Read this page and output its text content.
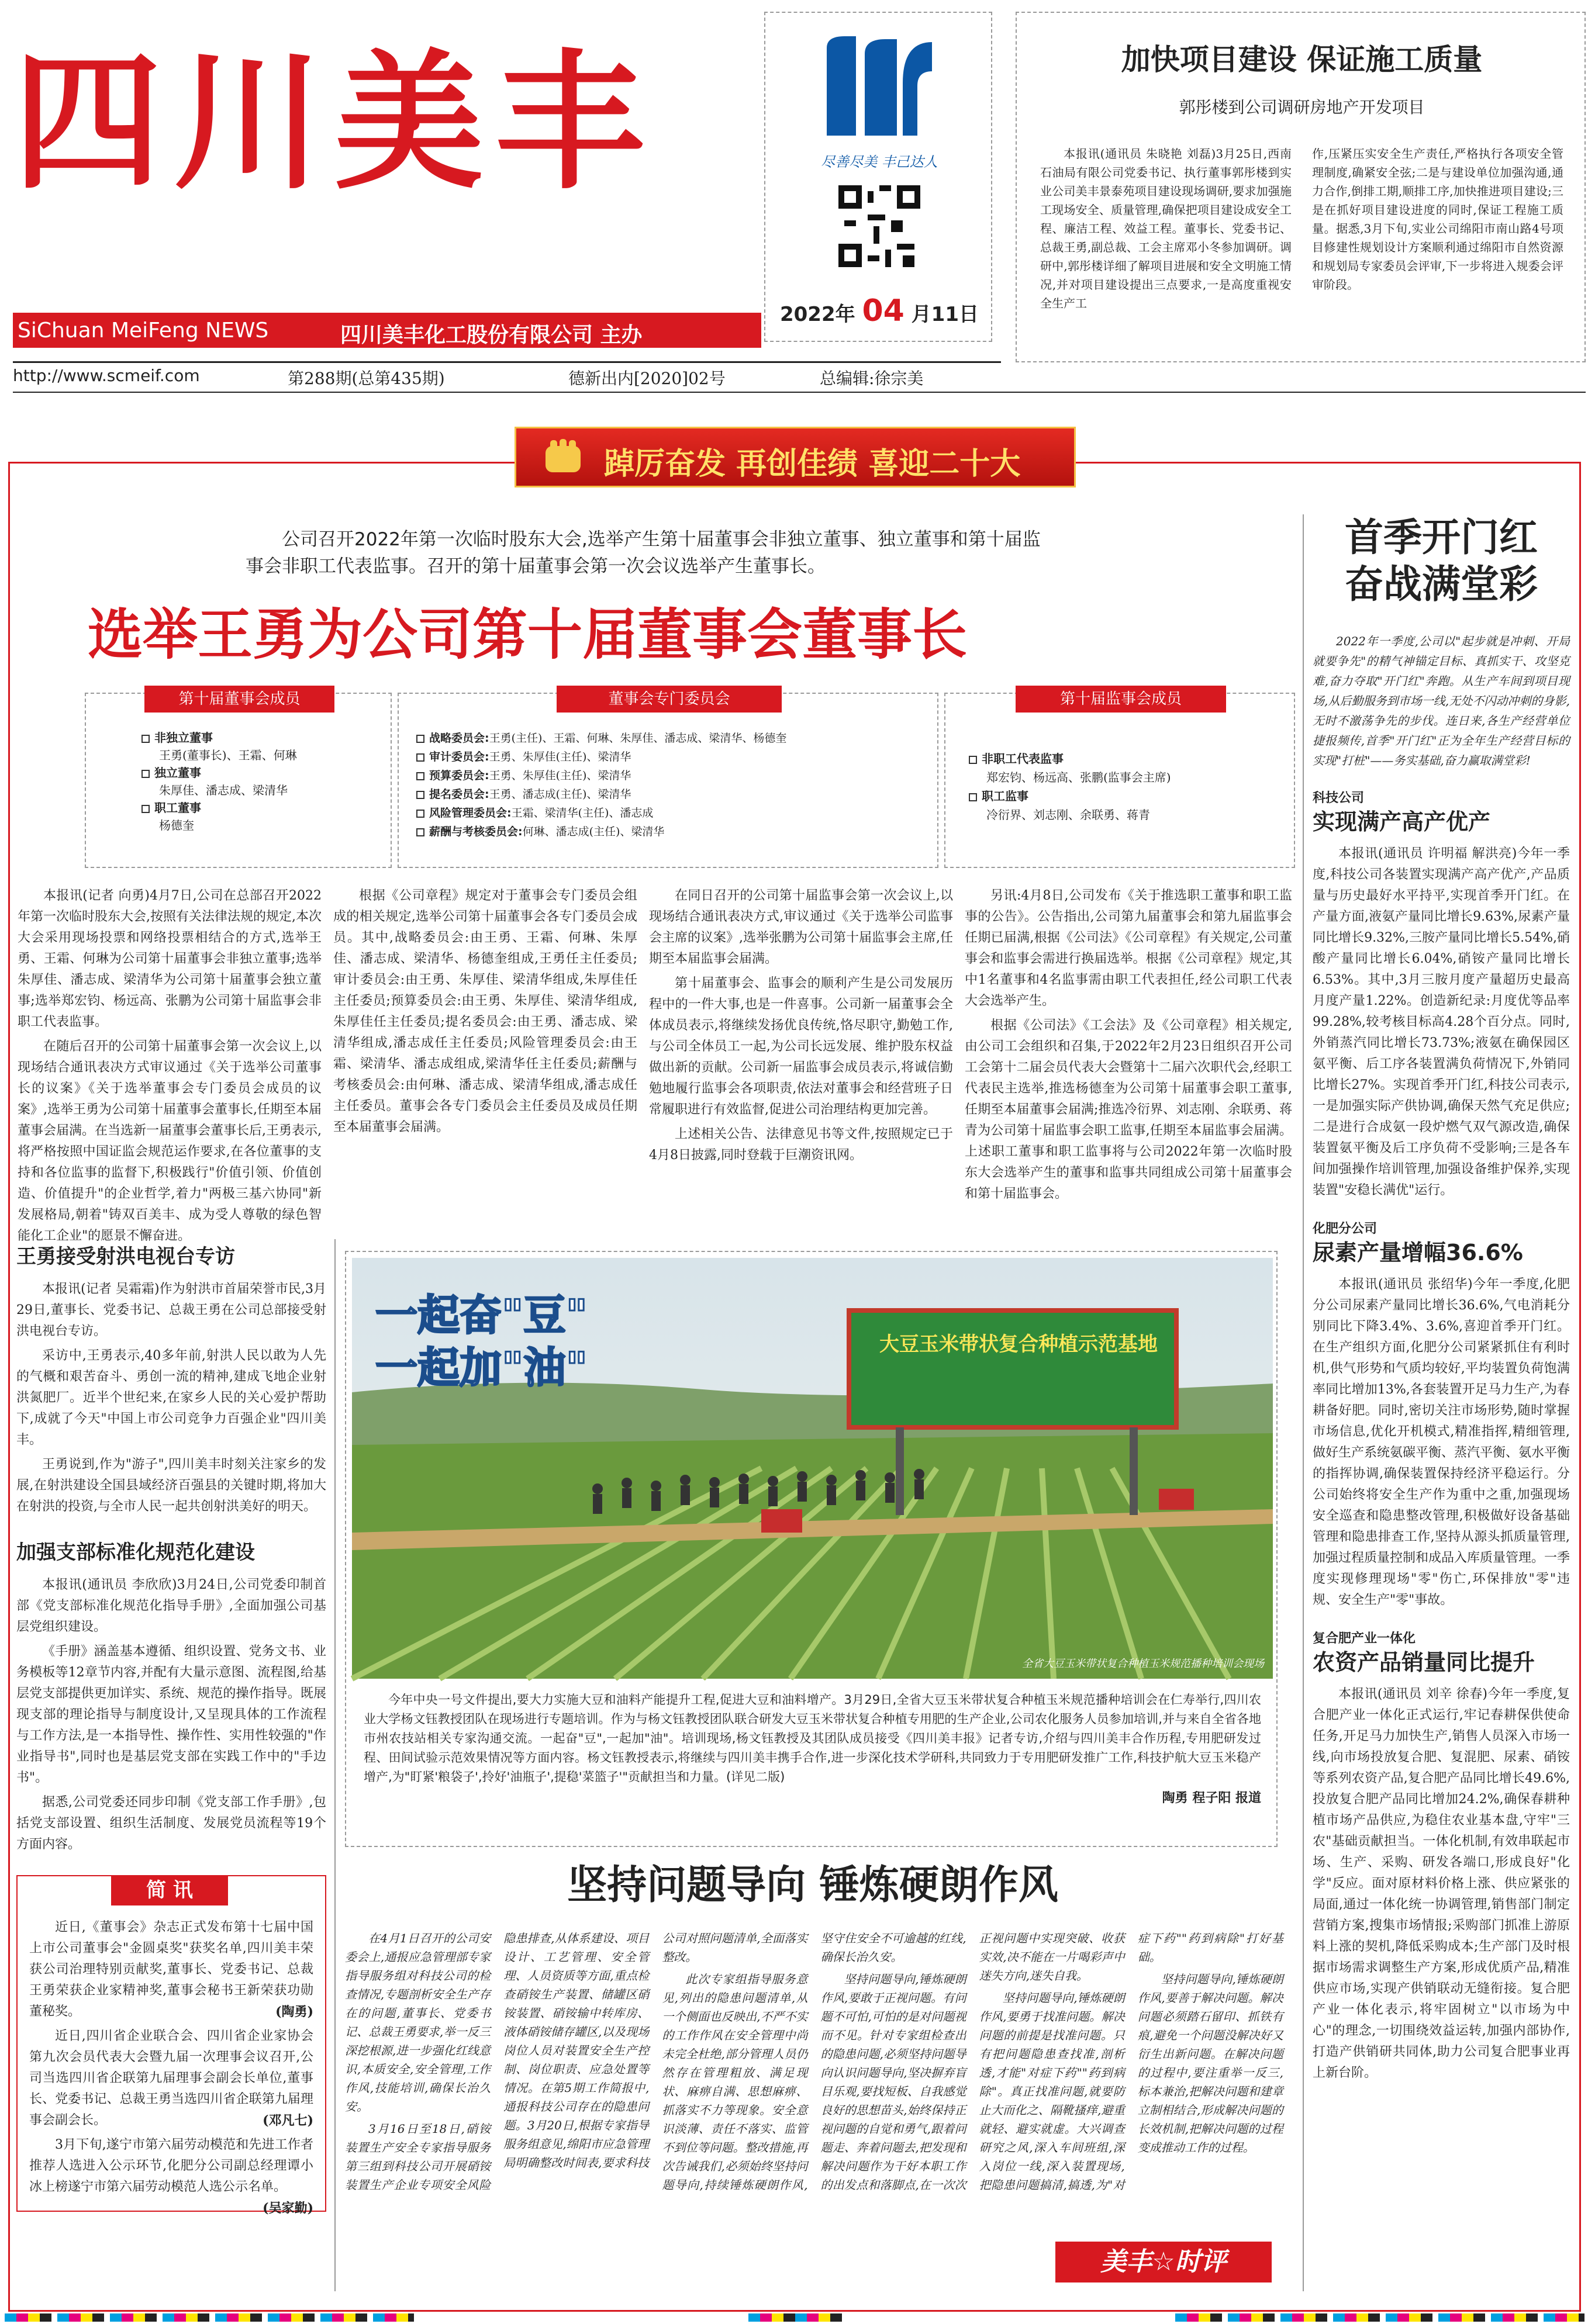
四川美丰	尽善尽美 丰己达人
2022年 04 月11日
SiChuan MeiFeng NEWS	四川美丰化工股份有限公司 主办
加快项目建设 保证施工质量
郭彤楼到公司调研房地产开发项目

本报讯(通讯员 朱晓艳 刘磊)3月25日,西南石油局有限公司党委书记、执行董事郭彤楼到实业公司美丰景泰苑项目建设现场调研,要求加强施工现场安全、质量管理,确保把项目建设成安全工程、廉洁工程、效益工程。董事长、党委书记、总裁王勇,副总裁、工会主席邓小冬参加调研。调研中,郭彤楼详细了解项目进展和安全文明施工情况,并对项目建设提出三点要求,一是高度重视安全生产工

作,压紧压实安全生产责任,严格执行各项安全管理制度,确紧安全弦;二是与建设单位加强沟通,通力合作,倒排工期,顺排工序,加快推进项目建设;三是在抓好项目建设进度的同时,保证工程施工质量。据悉,3月下旬,实业公司绵阳市南山路4号项目修建性规划设计方案顺利通过绵阳市自然资源和规划局专家委员会评审,下一步将进入规委会评审阶段。

http://www.scmeif.com	第288期(总第435期)	德新出内[2020]02号	总编辑:徐宗美
踔厉奋发 再创佳绩 喜迎二十大
公司召开2022年第一次临时股东大会,选举产生第十届董事会非独立董事、独立董事和第十届监事会非职工代表监事。召开的第十届董事会第一次会议选举产生董事长。
选举王勇为公司第十届董事会董事长
第十届董事会成员
非独立董事
王勇(董事长)、王霜、何琳
独立董事
朱厚佳、潘志成、梁清华
职工董事
杨德奎
董事会专门委员会
战略委员会:王勇(主任)、王霜、何琳、朱厚佳、潘志成、梁清华、杨德奎
审计委员会:王勇、朱厚佳(主任)、梁清华
预算委员会:王勇、朱厚佳(主任)、梁清华
提名委员会:王勇、潘志成(主任)、梁清华
风险管理委员会:王霜、梁清华(主任)、潘志成
薪酬与考核委员会:何琳、潘志成(主任)、梁清华
第十届监事会成员
非职工代表监事
郑宏钧、杨远高、张鹏(监事会主席)
职工监事
冷衍界、刘志刚、余联勇、蒋青

本报讯(记者 向勇)4月7日,公司在总部召开2022年第一次临时股东大会,按照有关法律法规的规定,本次大会采用现场投票和网络投票相结合的方式,选举王勇、王霜、何琳为公司第十届董事会非独立董事;选举朱厚佳、潘志成、梁清华为公司第十届董事会独立董事;选举郑宏钧、杨远高、张鹏为公司第十届监事会非职工代表监事。

在随后召开的公司第十届董事会第一次会议上,以现场结合通讯表决方式审议通过《关于选举公司董事长的议案》《关于选举董事会专门委员会成员的议案》,选举王勇为公司第十届董事会董事长,任期至本届董事会届满。在当选新一届董事会董事长后,王勇表示,将严格按照中国证监会规范运作要求,在各位董事的支持和各位监事的监督下,积极践行"价值引领、价值创造、价值提升"的企业哲学,着力"两极三基六协同"新发展格局,朝着"铸双百美丰、成为受人尊敬的绿色智能化工企业"的愿景不懈奋进。

根据《公司章程》规定对于董事会专门委员会组成的相关规定,选举公司第十届董事会各专门委员会成员。其中,战略委员会:由王勇、王霜、何琳、朱厚佳、潘志成、梁清华、杨德奎组成,王勇任主任委员;审计委员会:由王勇、朱厚佳、梁清华组成,朱厚佳任主任委员;预算委员会:由王勇、朱厚佳、梁清华组成,朱厚佳任主任委员;提名委员会:由王勇、潘志成、梁清华组成,潘志成任主任委员;风险管理委员会:由王霜、梁清华、潘志成组成,梁清华任主任委员;薪酬与考核委员会:由何琳、潘志成、梁清华组成,潘志成任主任委员。董事会各专门委员会主任委员及成员任期至本届董事会届满。

在同日召开的公司第十届监事会第一次会议上,以现场结合通讯表决方式,审议通过《关于选举公司监事会主席的议案》,选举张鹏为公司第十届监事会主席,任期至本届监事会届满。

第十届董事会、监事会的顺利产生是公司发展历程中的一件大事,也是一件喜事。公司新一届董事会全体成员表示,将继续发扬优良传统,恪尽职守,勤勉工作,与公司全体员工一起,为公司长远发展、维护股东权益做出新的贡献。公司新一届监事会成员表示,将诚信勤勉地履行监事会各项职责,依法对董事会和经营班子日常履职进行有效监督,促进公司治理结构更加完善。

上述相关公告、法律意见书等文件,按照规定已于4月8日披露,同时登载于巨潮资讯网。

另讯:4月8日,公司发布《关于推选职工董事和职工监事的公告》。公告指出,公司第九届董事会和第九届监事会任期已届满,根据《公司法》《公司章程》有关规定,公司董事会和监事会需进行换届选举。根据《公司章程》规定,其中1名董事和4名监事需由职工代表担任,经公司职工代表大会选举产生。

根据《公司法》《工会法》及《公司章程》相关规定,由公司工会组织和召集,于2022年2月23日组织召开公司工会第十二届会员代表大会暨第十二届六次职代会,经职工代表民主选举,推选杨德奎为公司第十届董事会职工董事,任期至本届董事会届满;推选冷衍界、刘志刚、余联勇、蒋青为公司第十届监事会职工监事,任期至本届监事会届满。上述职工董事和职工监事将与公司2022年第一次临时股东大会选举产生的董事和监事共同组成公司第十届董事会和第十届监事会。

首季开门红
奋战满堂彩

2022年一季度,公司以"起步就是冲刺、开局就要争先"的精气神锚定目标、真抓实干、攻坚克难,奋力夺取"开门红"奔跑。从生产车间到项目现场,从后勤服务到市场一线,无处不闪动冲刺的身影,无时不激荡争先的步伐。连日来,各生产经营单位捷报频传,首季"开门红"正为全年生产经营目标的实现"打桩"——务实基础,奋力赢取满堂彩!

科技公司
实现满产高产优产

本报讯(通讯员 许明福 解洪亮)今年一季度,科技公司各装置实现满产高产优产,产品质量与历史最好水平持平,实现首季开门红。在产量方面,液氨产量同比增长9.63%,尿素产量同比增长9.32%,三胺产量同比增长5.54%,硝酸产量同比增长6.04%,硝铵产量同比增长6.53%。其中,3月三胺月度产量超历史最高月度产量1.22%。创造新纪录:月度优等品率99.28%,较考核目标高4.28个百分点。同时,外销蒸汽同比增长73.73%;液氨在确保园区氨平衡、后工序各装置满负荷情况下,外销同比增长27%。实现首季开门红,科技公司表示,一是加强实际产供协调,确保天然气充足供应;二是进行合成氨一段炉燃气双气源改造,确保装置氨平衡及后工序负荷不受影响;三是各车间加强操作培训管理,加强设备维护保养,实现装置"安稳长满优"运行。

化肥分公司
尿素产量增幅36.6%

本报讯(通讯员 张绍华)今年一季度,化肥分公司尿素产量同比增长36.6%,气电消耗分别同比下降3.4%、3.6%,喜迎首季开门红。在生产组织方面,化肥分公司紧紧抓住有利时机,供气形势和气质均较好,平均装置负荷饱满率同比增加13%,各套装置开足马力生产,为春耕备好肥。同时,密切关注市场形势,随时掌握市场信息,优化开机模式,精准指挥,精细管理,做好生产系统氨碳平衡、蒸汽平衡、氨水平衡的指挥协调,确保装置保持经济平稳运行。分公司始终将安全生产作为重中之重,加强现场安全巡查和隐患整改管理,积极做好设备基础管理和隐患排查工作,坚持从源头抓质量管理,加强过程质量控制和成品入库质量管理。一季度实现修理现场"零"伤亡,环保排放"零"违规、安全生产"零"事故。

复合肥产业一体化
农资产品销量同比提升

本报讯(通讯员 刘辛 徐春)今年一季度,复合肥产业一体化正式运行,牢记春耕保供使命任务,开足马力加快生产,销售人员深入市场一线,向市场投放复合肥、复混肥、尿素、硝铵等系列农资产品,复合肥产品同比增长49.6%,投放复合肥产品同比增加24.2%,确保春耕种植市场产品供应,为稳住农业基本盘,守牢"三农"基础贡献担当。一体化机制,有效串联起市场、生产、采购、研发各端口,形成良好"化学"反应。面对原材料价格上涨、供应紧张的局面,通过一体化统一协调管理,销售部门制定营销方案,搜集市场情报;采购部门抓准上游原料上涨的契机,降低采购成本;生产部门及时根据市场需求调整生产方案,形成优质产品,精准供应市场,实现产供销联动无缝衔接。复合肥产业一体化表示,将牢固树立"以市场为中心"的理念,一切围绕效益运转,加强内部协作,打造产供销研共同体,助力公司复合肥事业再上新台阶。

王勇接受射洪电视台专访

本报讯(记者 吴霜霜)作为射洪市首届荣誉市民,3月29日,董事长、党委书记、总裁王勇在公司总部接受射洪电视台专访。

采访中,王勇表示,40多年前,射洪人民以敢为人先的气概和艰苦奋斗、勇创一流的精神,建成飞地企业射洪氮肥厂。近半个世纪来,在家乡人民的关心爱护帮助下,成就了今天"中国上市公司竞争力百强企业"四川美丰。

王勇说到,作为"游子",四川美丰时刻关注家乡的发展,在射洪建设全国县域经济百强县的关键时期,将加大在射洪的投资,与全市人民一起共创射洪美好的明天。

加强支部标准化规范化建设

本报讯(通讯员 李欣欣)3月24日,公司党委印制首部《党支部标准化规范化指导手册》,全面加强公司基层党组织建设。

《手册》涵盖基本遵循、组织设置、党务文书、业务模板等12章节内容,并配有大量示意图、流程图,给基层党支部提供更加详实、系统、规范的操作指导。既展现支部的理论指导与制度设计,又呈现具体的工作流程与工作方法,是一本指导性、操作性、实用性较强的"作业指导书",同时也是基层党支部在实践工作中的"手边书"。

据悉,公司党委还同步印制《党支部工作手册》,包括党支部设置、组织生活制度、发展党员流程等19个方面内容。

简 讯

近日,《董事会》杂志正式发布第十七届中国上市公司董事会"金圆桌奖"获奖名单,四川美丰荣获公司治理特别贡献奖,董事长、党委书记、总裁王勇荣获企业家精神奖,董事会秘书王新荣获功勋董秘奖。	(陶勇)

近日,四川省企业联合会、四川省企业家协会第九次会员代表大会暨九届一次理事会议召开,公司当选四川省企联第九届理事会副会长单位,董事长、党委书记、总裁王勇当选四川省企联第九届理事会副会长。	(邓凡七)

3月下旬,遂宁市第六届劳动模范和先进工作者推荐人选进入公示环节,化肥分公司副总经理谭小冰上榜遂宁市第六届劳动模范人选公示名单。
(吴家勤)

大豆玉米带状复合种植示范基地
一起奋"豆"
一起加"油"
全省大豆玉米带状复合种植玉米规范播种培训会现场

今年中央一号文件提出,要大力实施大豆和油料产能提升工程,促进大豆和油料增产。3月29日,全省大豆玉米带状复合种植玉米规范播种培训会在仁寿举行,四川农业大学杨文钰教授团队在现场进行专题培训。作为与杨文钰教授团队联合研发大豆玉米带状复合种植专用肥的生产企业,公司农化服务人员参加培训,并与来自全省各地市州农技站相关专家沟通交流。一起奋"豆",一起加"油"。培训现场,杨文钰教授及其团队成员接受《四川美丰报》记者专访,介绍与四川美丰合作历程,专用肥研发过程、田间试验示范效果情况等方面内容。杨文钰教授表示,将继续与四川美丰携手合作,进一步深化技术学研科,共同致力于专用肥研发推广工作,科技护航大豆玉米稳产增产,为"盯紧'粮袋子',拎好'油瓶子',提稳'菜篮子'"贡献担当和力量。(详见二版)

陶勇 程子阳 报道
坚持问题导向 锤炼硬朗作风

在4月1日召开的公司安委会上,通报应急管理部专家指导服务组对科技公司的检查情况,专题剖析安全生产存在的问题,董事长、党委书记、总裁王勇要求,举一反三深挖根源,进一步强化红线意识,本质安全,安全管理,工作作风,技能培训,确保长治久安。

3月16日至18日,硝铵装置生产安全专家指导服务第三组到科技公司开展硝铵装置生产企业专项安全风险隐患排查,从体系建设、项目设计、工艺管理、安全管理、人员资质等方面,重点检查硝铵生产装置、储罐区硝铵装置、硝铵输中转库房、液体硝铵储存罐区,以及现场岗位人员对装置安全生产控制、岗位职责、应急处置等情况。在第5期工作简报中,通报科技公司存在的隐患问题。3月20日,根据专家指导服务组意见,绵阳市应急管理局明确整改时间表,要求科技公司对照问题清单,全面落实整改。

此次专家组指导服务意见,列出的隐患问题清单,从一个侧面也反映出,不严不实的工作作风在安全管理中尚未完全杜绝,部分管理人员仍然存在管理粗放、满足现状、麻痹自满、思想麻痹、抓落实不力等现象。安全意识淡薄、责任不落实、监管不到位等问题。整改措施,再次告诫我们,必须始终坚持问题导向,持续锤炼硬朗作风,坚守住安全不可逾越的红线,确保长治久安。

坚持问题导向,锤炼硬朗作风,要敢于正视问题。有问题不可怕,可怕的是对问题视而不见。针对专家组检查出的隐患问题,必须坚持问题导向认识问题导向,坚决摒弃盲目乐观,要找短板、自我感觉良好的思想苗头,始终保持正视问题的自觉和勇气,跟着问题走、奔着问题去,把发现和解决问题作为干好本职工作的出发点和落脚点,在一次次正视问题中实现突破、收获实效,决不能在一片喝彩声中迷失方向,迷失自我。

坚持问题导向,锤炼硬朗作风,要勇于找准问题。解决问题的前提是找准问题。只有把问题隐患查找准,剖析透,才能"对症下药""药到病除"。真正找准问题,就要防止大而化之、隔靴搔痒,避重就轻、避实就虚。大兴调查研究之风,深入车间班组,深入岗位一线,深入装置现场,把隐患问题搞清,搞透,为"对症下药""药到病除"打好基础。

坚持问题导向,锤炼硬朗作风,要善于解决问题。解决问题必须踏石留印、抓铁有痕,避免一个问题没解决好又衍生出新问题。在解决问题的过程中,要注重举一反三,标本兼治,把解决问题和建章立制相结合,形成解决问题的长效机制,把解决问题的过程变成推动工作的过程。

美丰☆时评
